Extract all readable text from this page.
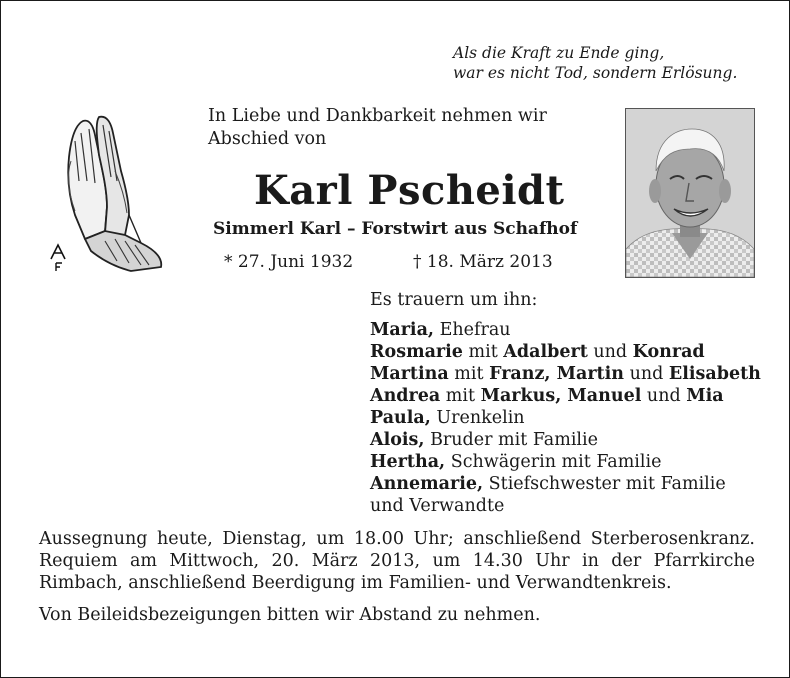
Als die Kraft zu Ende ging,
war es nicht Tod, sondern Erlösung.
In Liebe und Dankbarkeit nehmen wir
Abschied von
Karl Pscheidt
Simmerl Karl – Forstwirt aus Schafhof
* 27. Juni 1932	† 18. März 2013
Es trauern um ihn:
Maria, Ehefrau
Rosmarie mit Adalbert und Konrad
Martina mit Franz, Martin und Elisabeth
Andrea mit Markus, Manuel und Mia
Paula, Urenkelin
Alois, Bruder mit Familie
Hertha, Schwägerin mit Familie
Annemarie, Stiefschwester mit Familie
und Verwandte
Aussegnung heute, Dienstag, um 18.00 Uhr; anschließend Sterberosenkranz. Requiem am Mittwoch, 20. März 2013, um 14.30 Uhr in der Pfarrkirche Rimbach, anschließend Beerdigung im Familien- und Verwandtenkreis.
Von Beileidsbezeigungen bitten wir Abstand zu nehmen.
